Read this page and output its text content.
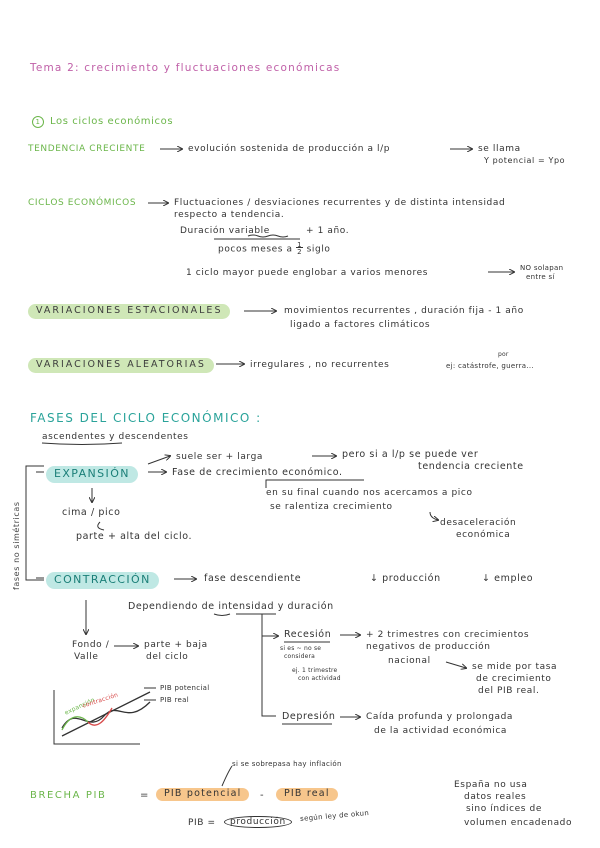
Tema 2: crecimiento y fluctuaciones económicas
1 Los ciclos económicos
TENDENCIA CRECIENTE	evolución sostenida de producción a l/p	se llama
Y potencial = Ypo
CICLOS ECONÓMICOS	Fluctuaciones / desviaciones recurrentes y de distinta intensidad
respecto a tendencia.
Duración variable	+ 1 año.
pocos meses a $\frac{1}{2}$ siglo
1 ciclo mayor puede englobar a varios menores	NO solapan
entre sí
VARIACIONES ESTACIONALES	movimientos recurrentes , duración fija - 1 año
ligado a factores climáticos
VARIACIONES ALEATORIAS	irregulares , no recurrentes
por
ej: catástrofe, guerra...
FASES DEL CICLO ECONÓMICO :
ascendentes y descendentes
fases no simétricas
suele ser + larga	pero si a l/p se puede ver
tendencia creciente
EXPANSIÓN	Fase de crecimiento económico.
en su final cuando nos acercamos a pico
se ralentiza crecimiento
desaceleración
económica
cima / pico
parte + alta del ciclo.
CONTRACCIÓN	fase descendiente	↓ producción	↓ empleo
Dependiendo de intensidad y duración
Fondo /
Valle
parte + baja
del ciclo
Recesión	+ 2 trimestres con crecimientos
negativos de producción
nacional
si es ~ no se
considera
ej. 1 trimestre
con actividad
se mide por tasa
de crecimiento
del PIB real.
PIB potencial
PIB real
expansión
contracción
Depresión	Caída profunda y prolongada
de la actividad económica
si se sobrepasa hay inflación
BRECHA PIB	=	PIB potencial	-	PIB real
PIB =	producción	según ley de okun
España no usa
datos reales
sino índices de
volumen encadenado
